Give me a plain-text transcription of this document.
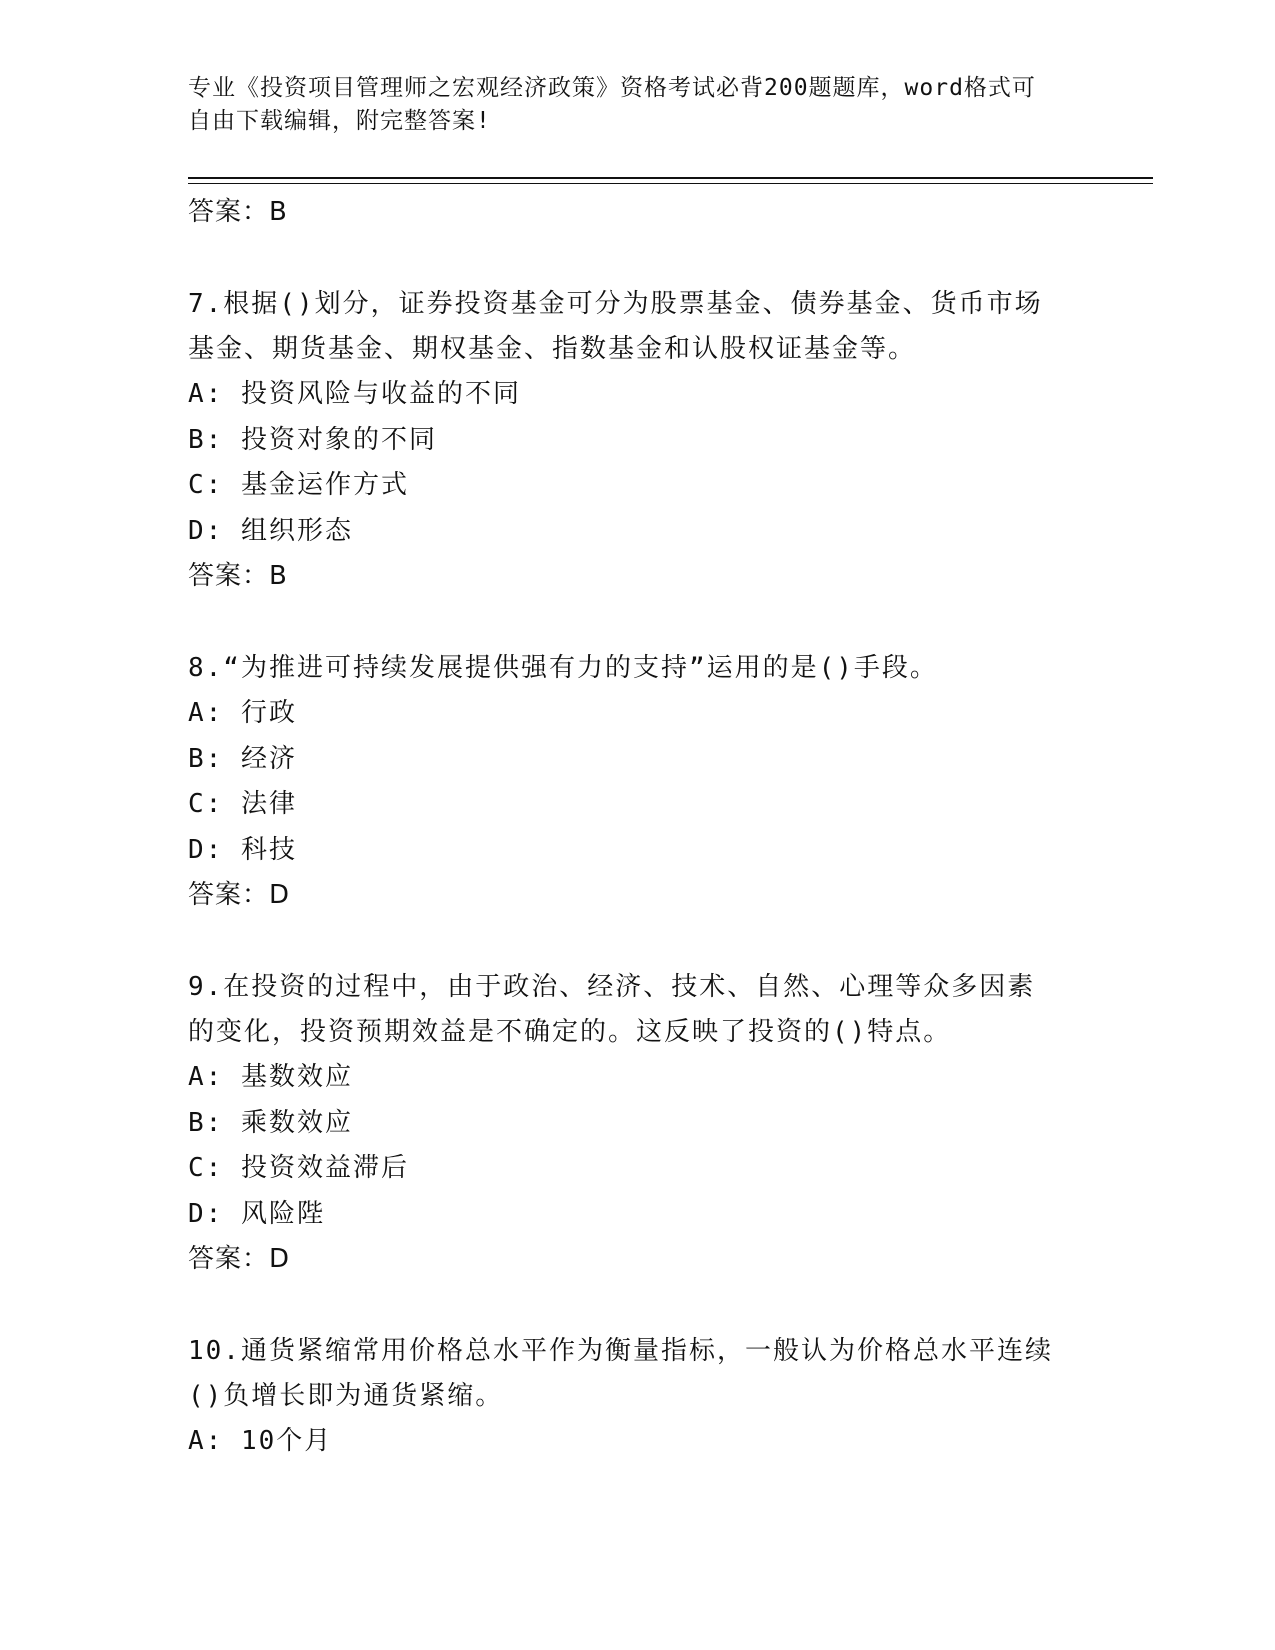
专业《投资项目管理师之宏观经济政策》资格考试必背200题题库，word格式可
自由下载编辑，附完整答案!
答案：B
7.根据()划分，证券投资基金可分为股票基金、债券基金、货币市场
基金、期货基金、期权基金、指数基金和认股权证基金等。
A: 投资风险与收益的不同
B: 投资对象的不同
C: 基金运作方式
D: 组织形态
答案：B
8.“为推进可持续发展提供强有力的支持”运用的是()手段。
A: 行政
B: 经济
C: 法律
D: 科技
答案：D
9.在投资的过程中，由于政治、经济、技术、自然、心理等众多因素
的变化，投资预期效益是不确定的。这反映了投资的()特点。
A: 基数效应
B: 乘数效应
C: 投资效益滞后
D: 风险陛
答案：D
10.通货紧缩常用价格总水平作为衡量指标，一般认为价格总水平连续
()负增长即为通货紧缩。
A: 10个月
